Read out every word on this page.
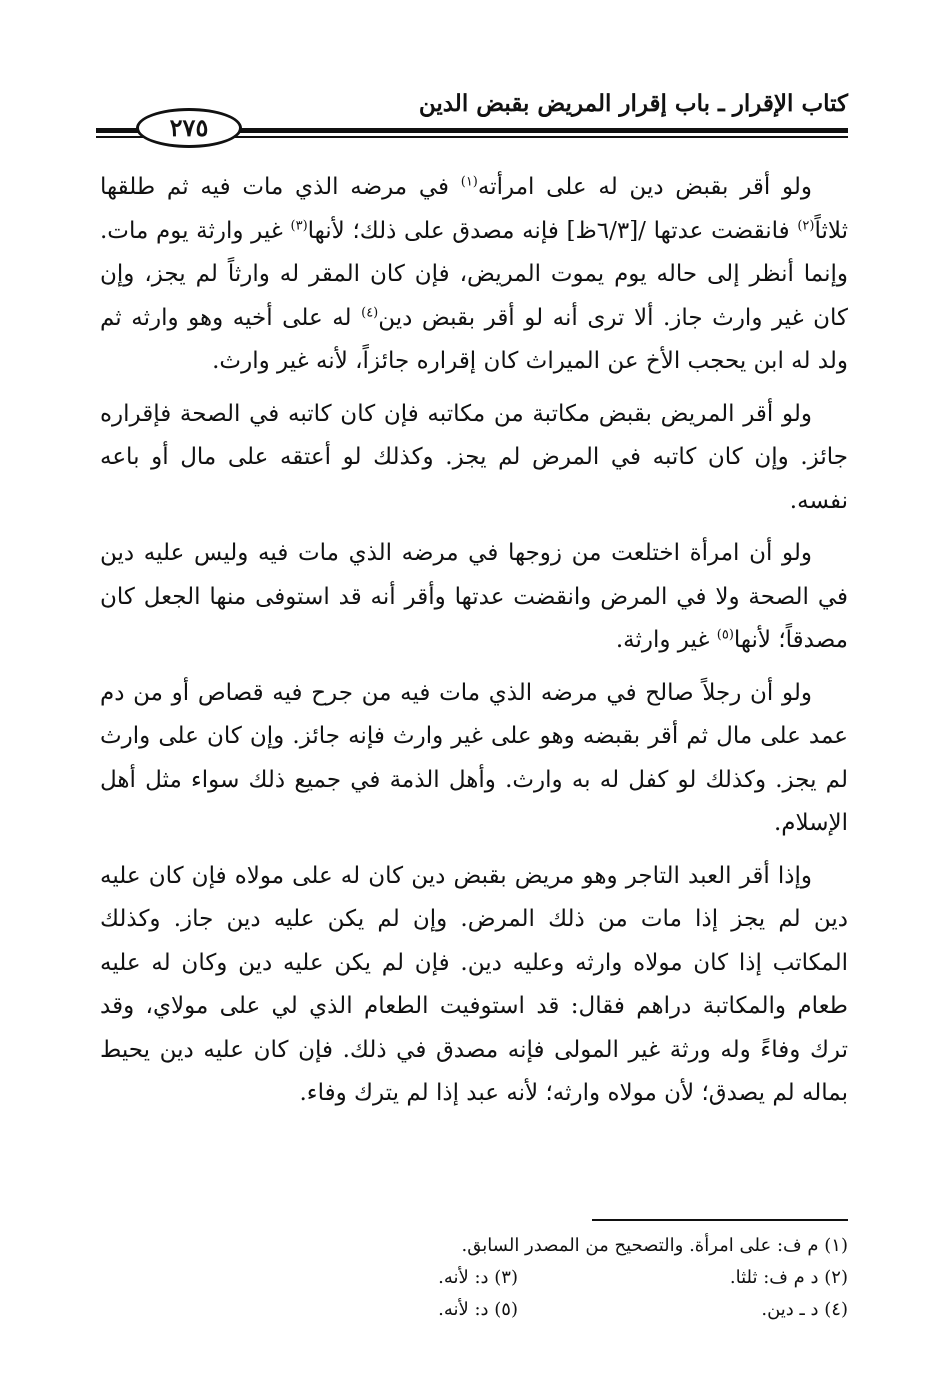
كتاب الإقرار ـ باب إقرار المريض بقبض الدين
٢٧٥

ولو أقر بقبض دين له على امرأته$^{(١)}$ في مرضه الذي مات فيه ثم طلقها ثلاثاً$^{(٢)}$ فانقضت عدتها /[٦/٣ظ] فإنه مصدق على ذلك؛ لأنها$^{(٣)}$ غير وارثة يوم مات. وإنما أنظر إلى حاله يوم يموت المريض، فإن كان المقر له وارثاً لم يجز، وإن كان غير وارث جاز. ألا ترى أنه لو أقر بقبض دين$^{(٤)}$ له على أخيه وهو وارثه ثم ولد له ابن يحجب الأخ عن الميراث كان إقراره جائزاً، لأنه غير وارث.

ولو أقر المريض بقبض مكاتبة من مكاتبه فإن كان كاتبه في الصحة فإقراره جائز. وإن كان كاتبه في المرض لم يجز. وكذلك لو أعتقه على مال أو باعه نفسه.

ولو أن امرأة اختلعت من زوجها في مرضه الذي مات فيه وليس عليه دين في الصحة ولا في المرض وانقضت عدتها وأقر أنه قد استوفى منها الجعل كان مصدقاً؛ لأنها$^{(٥)}$ غير وارثة.

ولو أن رجلاً صالح في مرضه الذي مات فيه من جرح فيه قصاص أو من دم عمد على مال ثم أقر بقبضه وهو على غير وارث فإنه جائز. وإن كان على وارث لم يجز. وكذلك لو كفل له به وارث. وأهل الذمة في جميع ذلك سواء مثل أهل الإسلام.

وإذا أقر العبد التاجر وهو مريض بقبض دين كان له على مولاه فإن كان عليه دين لم يجز إذا مات من ذلك المرض. وإن لم يكن عليه دين جاز. وكذلك المكاتب إذا كان مولاه وارثه وعليه دين. فإن لم يكن عليه دين وكان له عليه طعام والمكاتبة دراهم فقال: قد استوفيت الطعام الذي لي على مولاي، وقد ترك وفاءً وله ورثة غير المولى فإنه مصدق في ذلك. فإن كان عليه دين يحيط بماله لم يصدق؛ لأن مولاه وارثه؛ لأنه عبد إذا لم يترك وفاء.

(١) م ف: على امرأة. والتصحيح من المصدر السابق.
(٢) د م ف: ثلثا.
(٣) د: لأنه.
(٤) د ـ دين.
(٥) د: لأنه.
